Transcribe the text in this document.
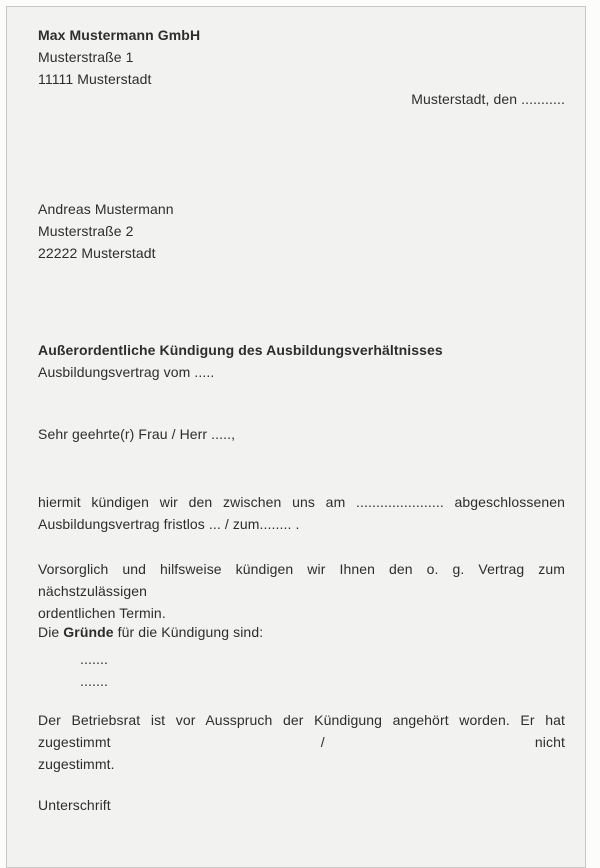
Max Mustermann GmbH
Musterstraße 1
11111 Musterstadt
Musterstadt, den ...........
Andreas Mustermann
Musterstraße 2
22222 Musterstadt
Außerordentliche Kündigung des Ausbildungsverhältnisses
Ausbildungsvertrag vom .....
Sehr geehrte(r) Frau / Herr .....,
hiermit kündigen wir den zwischen uns am ...................... abgeschlossenen
Ausbildungsvertrag fristlos ... / zum........ .
Vorsorglich und hilfsweise kündigen wir Ihnen den o. g. Vertrag zum nächstzulässigen
ordentlichen Termin.
Die Gründe für die Kündigung sind:
.......
.......
Der Betriebsrat ist vor Ausspruch der Kündigung angehört worden. Er hat zugestimmt / nicht
zugestimmt.
Unterschrift
